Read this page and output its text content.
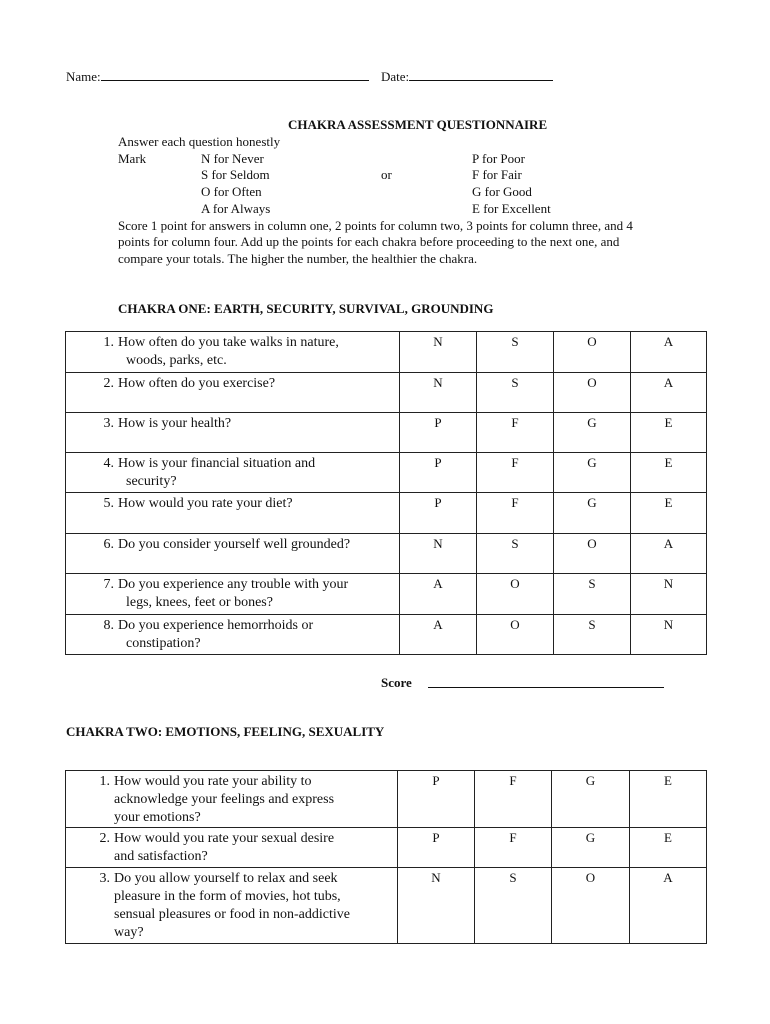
Name:	Date:
CHAKRA ASSESSMENT QUESTIONNAIRE
Answer each question honestly
Mark
or
N for Never
S for Seldom
O for Often
A for Always
P for Poor
F for Fair
G for Good
E for Excellent
Score 1 point for answers in column one, 2 points for column two, 3 points for column three, and 4
points for column four. Add up the points for each chakra before proceeding to the next one, and
compare your totals. The higher the number, the healthier the chakra.
CHAKRA ONE: EARTH, SECURITY, SURVIVAL, GROUNDING
1. How often do you take walks in nature,
woods, parks, etc.	N	S	O	A

2. How often do you exercise?	N	S	O	A

3. How is your health?	P	F	G	E

4. How is your financial situation and
security?	P	F	G	E

5. How would you rate your diet?	P	F	G	E

6. Do you consider yourself well grounded?	N	S	O	A

7. Do you experience any trouble with your
legs, knees, feet or bones?	A	O	S	N

8. Do you experience hemorrhoids or
constipation?	A	O	S	N
Score
CHAKRA TWO: EMOTIONS, FEELING, SEXUALITY
1. How would you rate your ability to
acknowledge your feelings and express
your emotions?	P	F	G	E

2. How would you rate your sexual desire
and satisfaction?	P	F	G	E

3. Do you allow yourself to relax and seek
pleasure in the form of movies, hot tubs,
sensual pleasures or food in non-addictive
way?	N	S	O	A
